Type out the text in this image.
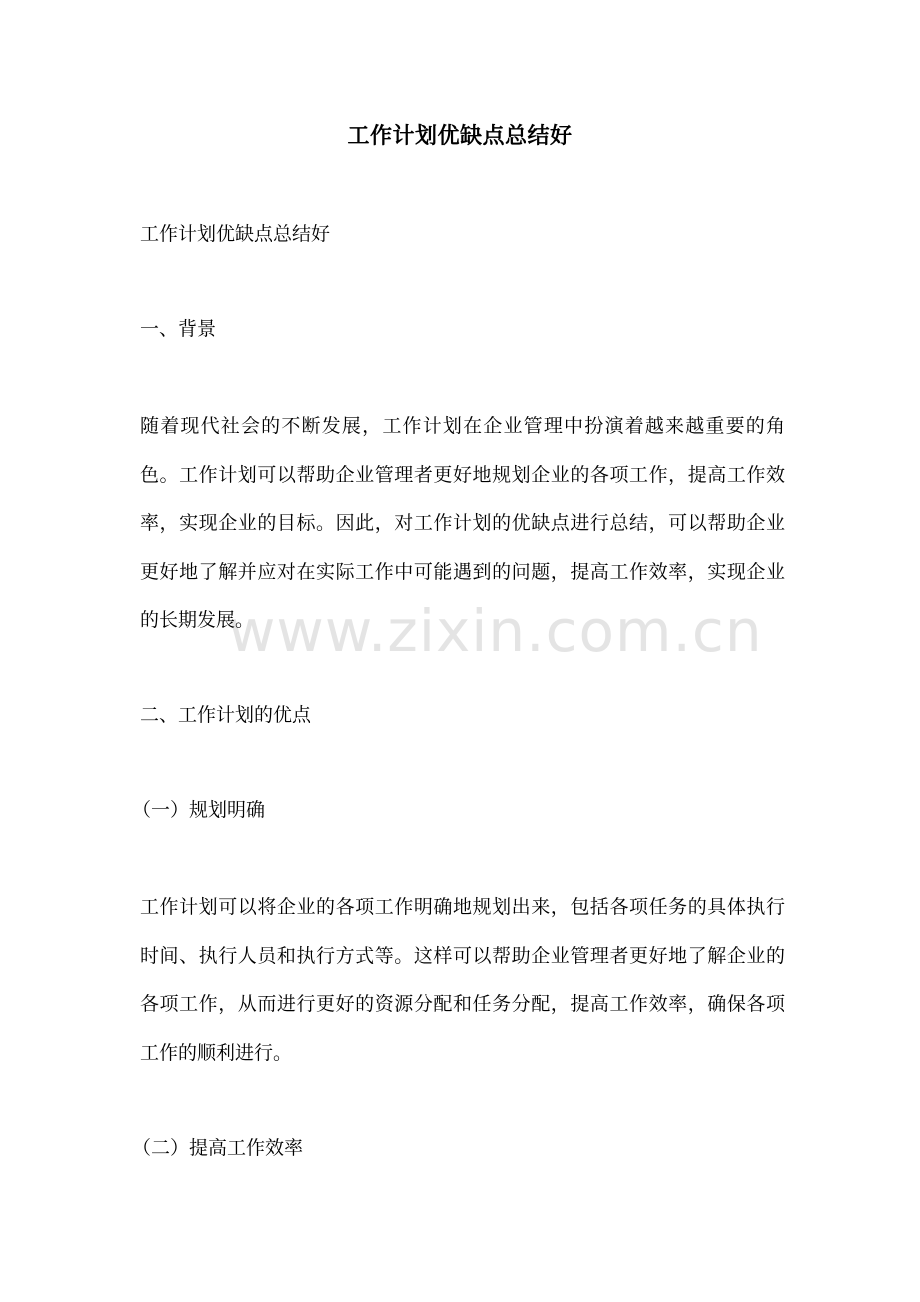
www.zixin.com.cn
工作计划优缺点总结好
工作计划优缺点总结好
一、背景
随着现代社会的不断发展，工作计划在企业管理中扮演着越来越重要的角色。工作计划可以帮助企业管理者更好地规划企业的各项工作，提高工作效率，实现企业的目标。因此，对工作计划的优缺点进行总结，可以帮助企业更好地了解并应对在实际工作中可能遇到的问题，提高工作效率，实现企业的长期发展。
二、工作计划的优点
（一）规划明确
工作计划可以将企业的各项工作明确地规划出来，包括各项任务的具体执行时间、执行人员和执行方式等。这样可以帮助企业管理者更好地了解企业的各项工作，从而进行更好的资源分配和任务分配，提高工作效率，确保各项工作的顺利进行。
（二）提高工作效率
